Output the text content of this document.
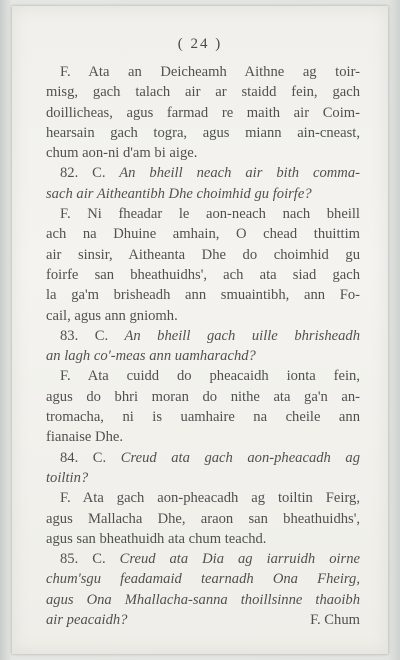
( 24 )
F. Ata an Deicheamh Aithne ag toir-
misg, gach talach air ar staidd fein, gach
doillicheas, agus farmad re maith air Coim-
hearsain gach togra, agus miann ain-cneast,
chum aon-ni d'am bi aige.
82. C. An bheill neach air bith comma-
sach air Aitheantibh Dhe choimhid gu foirfe?
F. Ni fheadar le aon-neach nach bheill
ach na Dhuine amhain, O chead thuittim
air sinsir, Aitheanta Dhe do choimhid gu
foirfe san bheathuidhs', ach ata siad gach
la ga'm brisheadh ann smuaintibh, ann Fo-
cail, agus ann gniomh.
83. C. An bheill gach uille bhrisheadh
an lagh co'-meas ann uamharachd?
F. Ata cuidd do pheacaidh ionta fein,
agus do bhri moran do nithe ata ga'n an-
tromacha, ni is uamhaire na cheile ann
fianaise Dhe.
84. C. Creud ata gach aon-pheacadh ag
toiltin?
F. Ata gach aon-pheacadh ag toiltin Feirg,
agus Mallacha Dhe, araon san bheathuidhs',
agus san bheathuidh ata chum teachd.
85. C. Creud ata Dia ag iarruidh oirne
chum'sgu feadamaid tearnadh Ona Fheirg,
agus Ona Mhallacha-sanna thoillsinne thaoibh
air peacaidh?	F. Chum
